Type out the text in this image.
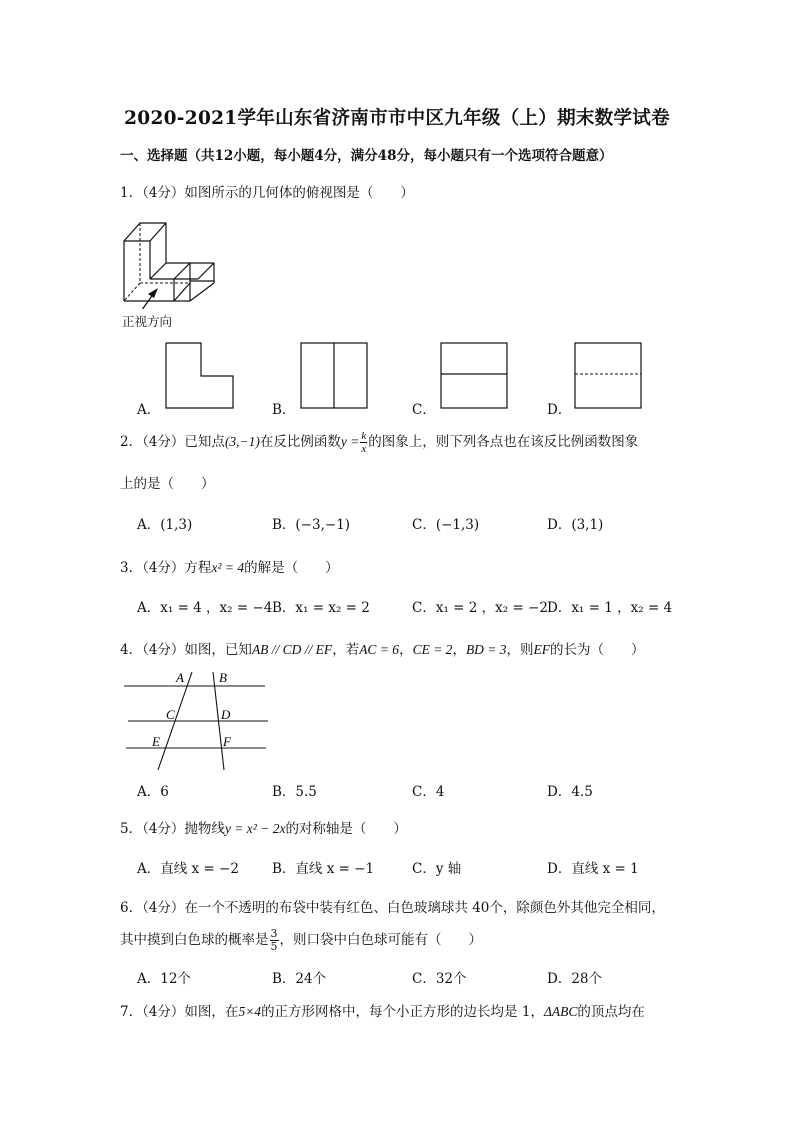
2020-2021学年山东省济南市市中区九年级（上）期末数学试卷
一、选择题（共12小题，每小题4分，满分48分，每小题只有一个选项符合题意）
1．（4分）如图所示的几何体的俯视图是（　　）
正视方向
A．	B．	C．	D．
2．（4分）已知点(3,−1)在反比例函数$y = \frac{k}{x}$ 的图象上，则下列各点也在该反比例函数图象
上的是（　　）
A．(1,3)	B．(−3,−1)	C．(−1,3)	D．(3,1)
3．（4分）方程x² = 4的解是（　　）
A．x₁ = 4 ，x₂ = −4 B．x₁ = x₂ = 2	C．x₁ = 2 ，x₂ = −2 D．x₁ = 1 ，x₂ = 4
4．（4分）如图，已知AB // CD // EF，若AC = 6，CE = 2，BD = 3，则EF的长为（　　）
A	B
C	D
E	F
A．6	B．5.5	C．4	D．4.5
5．（4分）抛物线y = x² − 2x的对称轴是（　　）
A．直线 x = −2 B．直线 x = −1	C．y 轴	D．直线 x = 1
6．（4分）在一个不透明的布袋中装有红色、白色玻璃球共 40个，除颜色外其他完全相同，
其中摸到白色球的概率是 $\frac{3}{5}$ ，则口袋中白色球可能有（　　）
A．12个	B．24个	C．32个	D．28个
7．（4分）如图，在5×4的正方形网格中，每个小正方形的边长均是 1，ΔABC的顶点均在
